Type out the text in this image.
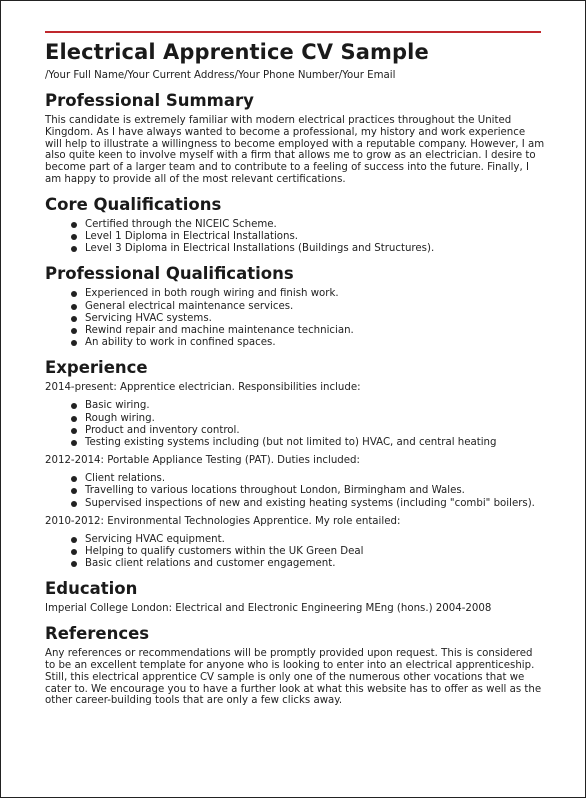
Electrical Apprentice CV Sample
/Your Full Name/Your Current Address/Your Phone Number/Your Email
Professional Summary

This candidate is extremely familiar with modern electrical practices throughout the United Kingdom. As I have always wanted to become a professional, my history and work experience will help to illustrate a willingness to become employed with a reputable company. However, I am also quite keen to involve myself with a firm that allows me to grow as an electrician. I desire to become part of a larger team and to contribute to a feeling of success into the future. Finally, I am happy to provide all of the most relevant certifications.

Core Qualifications
Certified through the NICEIC Scheme.
Level 1 Diploma in Electrical Installations.
Level 3 Diploma in Electrical Installations (Buildings and Structures).
Professional Qualifications
Experienced in both rough wiring and finish work.
General electrical maintenance services.
Servicing HVAC systems.
Rewind repair and machine maintenance technician.
An ability to work in confined spaces.
Experience
2014-present: Apprentice electrician. Responsibilities include:
Basic wiring.
Rough wiring.
Product and inventory control.
Testing existing systems including (but not limited to) HVAC, and central heating
2012-2014: Portable Appliance Testing (PAT). Duties included:
Client relations.
Travelling to various locations throughout London, Birmingham and Wales.
Supervised inspections of new and existing heating systems (including "combi" boilers).
2010-2012: Environmental Technologies Apprentice. My role entailed:
Servicing HVAC equipment.
Helping to qualify customers within the UK Green Deal
Basic client relations and customer engagement.
Education

Imperial College London: Electrical and Electronic Engineering MEng (hons.) 2004-2008

References

Any references or recommendations will be promptly provided upon request. This is considered to be an excellent template for anyone who is looking to enter into an electrical apprenticeship. Still, this electrical apprentice CV sample is only one of the numerous other vocations that we cater to. We encourage you to have a further look at what this website has to offer as well as the other career-building tools that are only a few clicks away.
